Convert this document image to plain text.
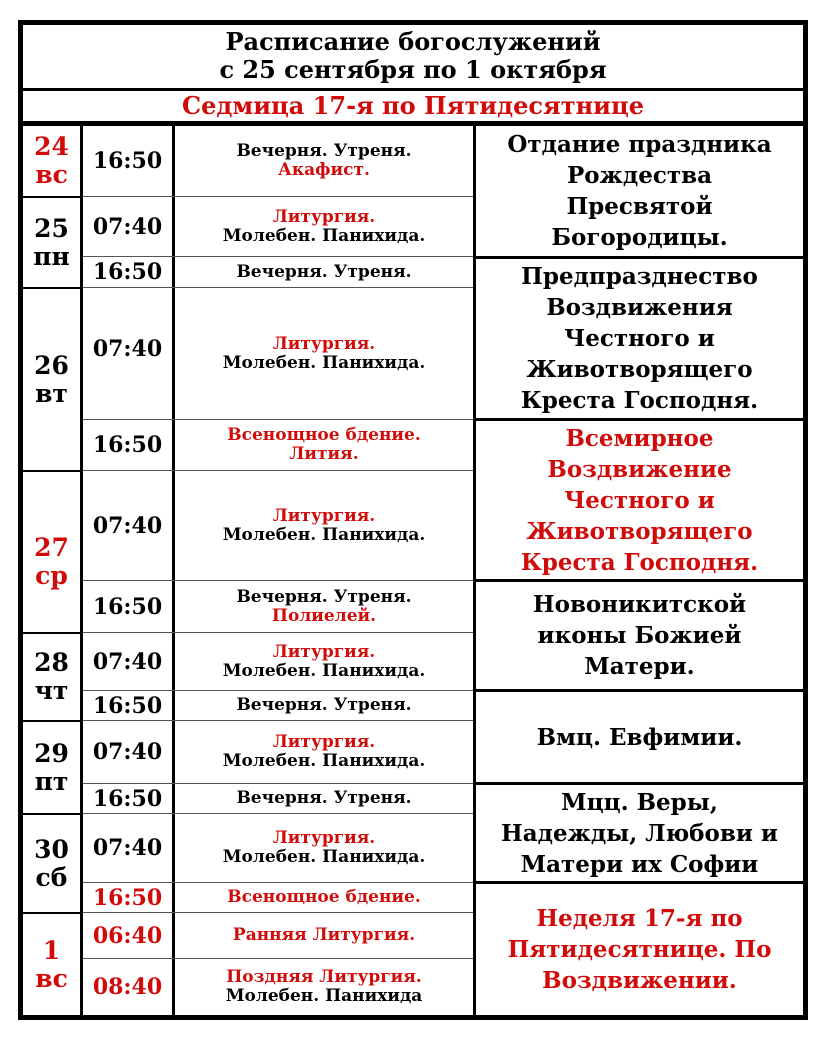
Расписание богослужений
с 25 сентября по 1 октября
Седмица 17-я по Пятидесятнице
24
вс
25
пн
26
вт
27
ср
28
чт
29
пт
30
сб
1
вс
16:50
07:40
16:50
07:40
16:50
07:40
16:50
07:40
16:50
07:40
16:50
07:40
16:50
06:40
08:40
Вечерня. Утреня.
Акафист.
Литургия.
Молебен. Панихида.
Вечерня. Утреня.
Литургия.
Молебен. Панихида.
Всенощное бдение.
Лития.
Литургия.
Молебен. Панихида.
Вечерня. Утреня.
Полиелей.
Литургия.
Молебен. Панихида.
Вечерня. Утреня.
Литургия.
Молебен. Панихида.
Вечерня. Утреня.
Литургия.
Молебен. Панихида.
Всенощное бдение.
Ранняя Литургия.
Поздняя Литургия.
Молебен. Панихида
Отдание праздника
Рождества
Пресвятой
Богородицы.
Предпразднество
Воздвижения
Честного и
Животворящего
Креста Господня.
Всемирное
Воздвижение
Честного и
Животворящего
Креста Господня.
Новоникитской
иконы Божией
Матери.
Вмц. Евфимии.
Мцц. Веры,
Надежды, Любови и
Матери их Софии
Неделя 17-я по
Пятидесятнице. По
Воздвижении.
